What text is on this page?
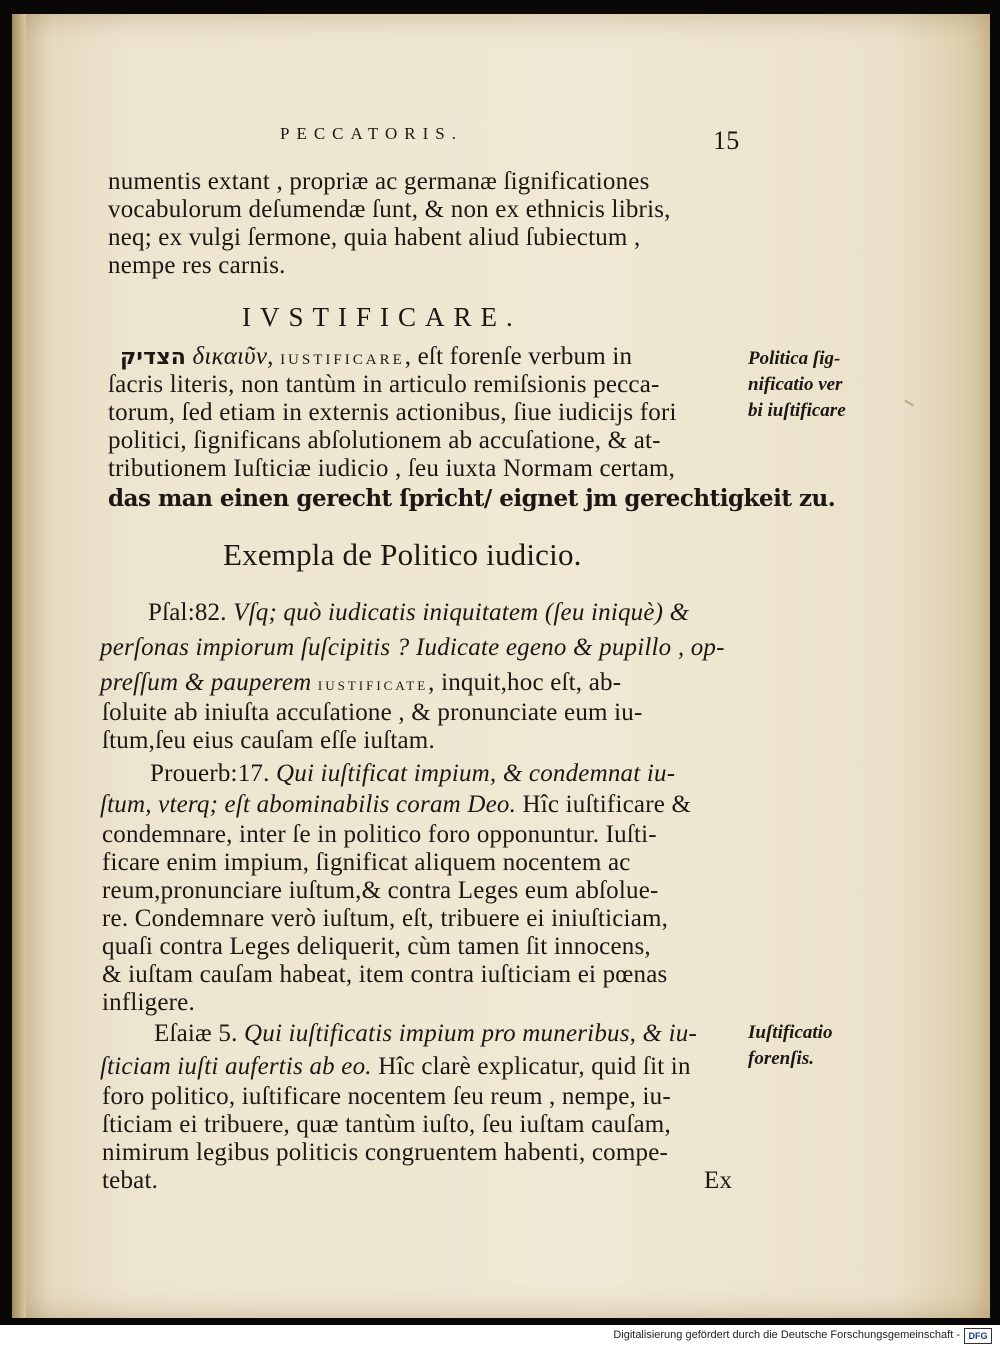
PECCATORIS.	15
numentis extant , propriæ ac germanæ ſignificationes
vocabulorum deſumendæ ſunt, & non ex ethnicis libris,
neq; ex vulgi ſermone, quia habent aliud ſubiectum ,
nempe res carnis.
IVSTIFICARE.
הצדיק δικαιῦν, iustificare, eſt forenſe verbum in
ſacris literis, non tantùm in articulo remiſsionis pecca-
torum, ſed etiam in externis actionibus, ſiue iudicijs fori
politici, ſignificans abſolutionem ab accuſatione, & at-
tributionem Iuſticiæ iudicio , ſeu iuxta Normam certam,
das man einen gerecht ſpricht/ eignet jm gerechtigkeit zu.
Politica ſig-
nificatio ver
bi iuſtificare
Exempla de Politico iudicio.
Pſal:82. Vſq; quò iudicatis iniquitatem (ſeu iniquè) &
perſonas impiorum ſuſcipitis ? Iudicate egeno & pupillo , op-
preſſum & pauperem iustificate, inquit,hoc eſt, ab-
ſoluite ab iniuſta accuſatione , & pronunciate eum iu-
ſtum,ſeu eius cauſam eſſe iuſtam.
Prouerb:17. Qui iuſtificat impium, & condemnat iu-
ſtum, vterq; eſt abominabilis coram Deo. Hîc iuſtificare &
condemnare, inter ſe in politico foro opponuntur. Iuſti-
ficare enim impium, ſignificat aliquem nocentem ac
reum,pronunciare iuſtum,& contra Leges eum abſolue-
re. Condemnare verò iuſtum, eſt, tribuere ei iniuſticiam,
quaſi contra Leges deliquerit, cùm tamen ſit innocens,
& iuſtam cauſam habeat, item contra iuſticiam ei pœnas
infligere.
Eſaiæ 5. Qui iuſtificatis impium pro muneribus, & iu-
ſticiam iuſti aufertis ab eo. Hîc clarè explicatur, quid ſit in
foro politico, iuſtificare nocentem ſeu reum , nempe, iu-
ſticiam ei tribuere, quæ tantùm iuſto, ſeu iuſtam cauſam,
nimirum legibus politicis congruentem habenti, compe-
tebat.	Ex
Iuſtificatio
forenſis.
Digitalisierung gefördert durch die Deutsche Forschungsgemeinschaft - DFG
